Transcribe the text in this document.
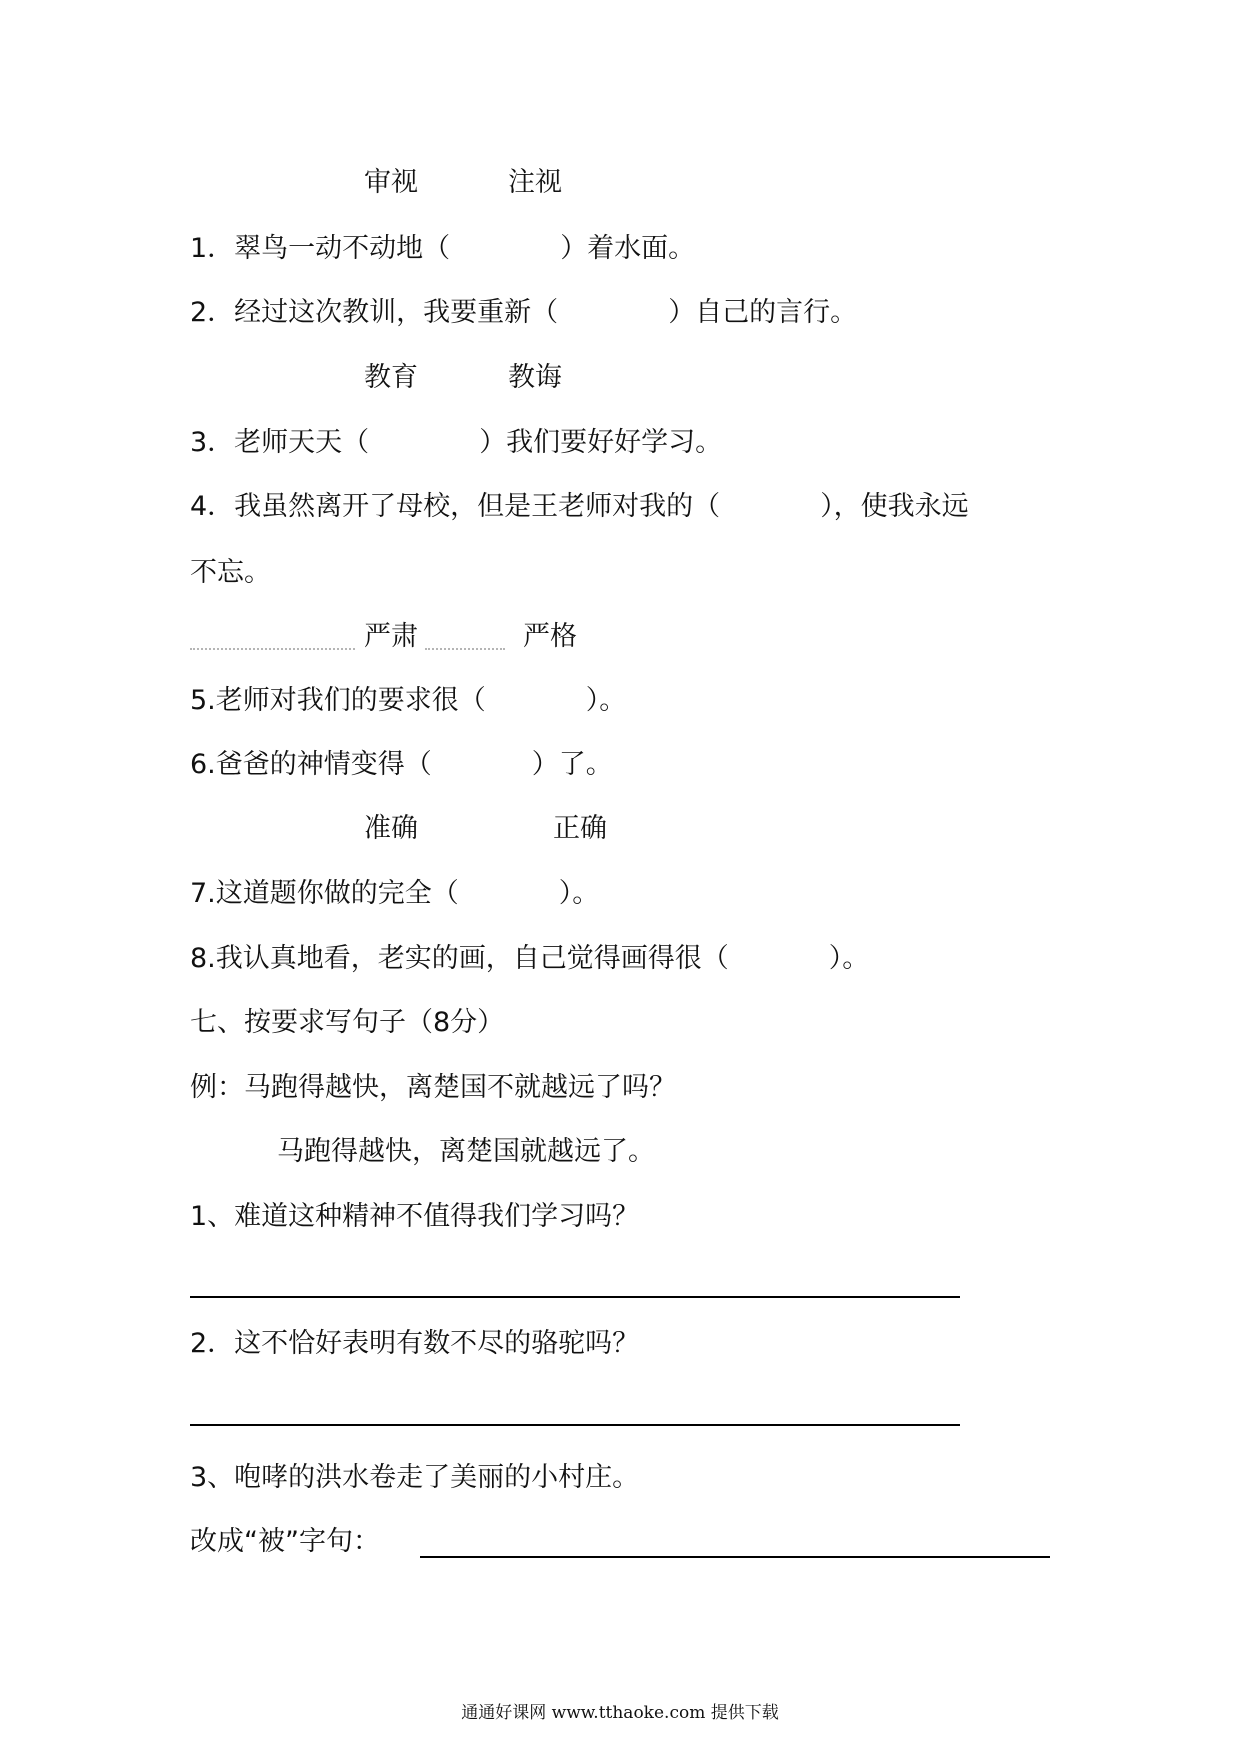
审视	注视
1．翠鸟一动不动地（	）着水面。
2．经过这次教训，我要重新（	）自己的言行。
教育	教诲
3．老师天天（	）我们要好好学习。
4．我虽然离开了母校，但是王老师对我的（	），使我永远
不忘。
严肃	严格
5.老师对我们的要求很（	）。
6.爸爸的神情变得（	）了。
准确	正确
7.这道题你做的完全（	）。
8.我认真地看，老实的画，自己觉得画得很（	）。
七、按要求写句子（8分）
例：马跑得越快，离楚国不就越远了吗？
马跑得越快，离楚国就越远了。
1、难道这种精神不值得我们学习吗？
2．这不恰好表明有数不尽的骆驼吗？
3、咆哮的洪水卷走了美丽的小村庄。
改成“被”字句：
通通好课网 www.tthaoke.com 提供下载
